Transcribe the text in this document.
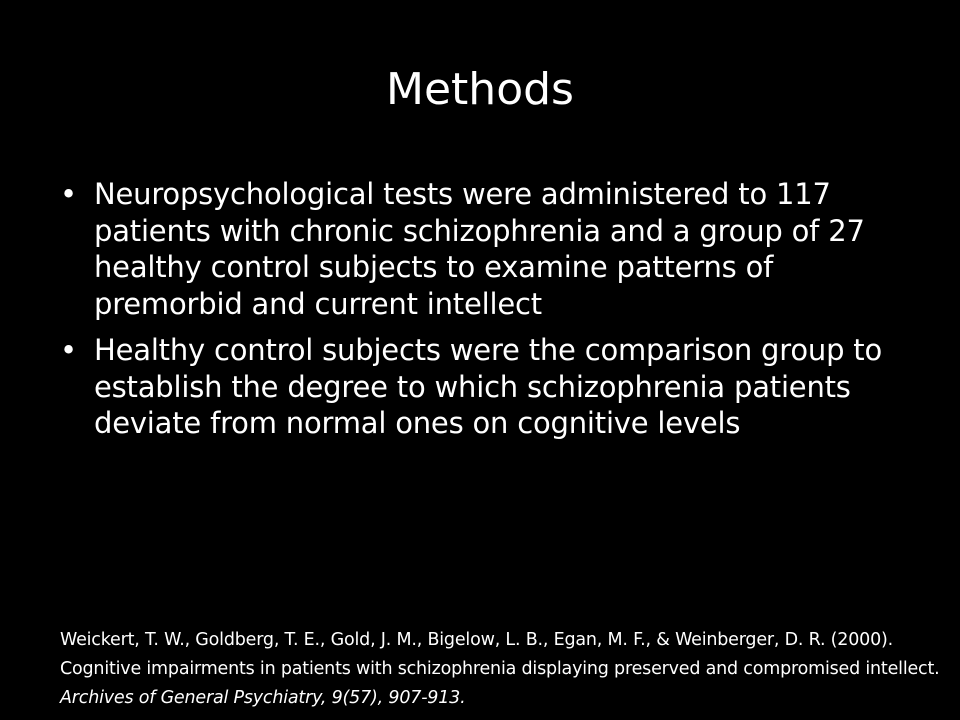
Methods
• Neuropsychological tests were administered to 117 patients with chronic schizophrenia and a group of 27 healthy control subjects to examine patterns of premorbid and current intellect
• Healthy control subjects were the comparison group to establish the degree to which schizophrenia patients deviate from normal ones on cognitive levels

Weickert, T. W., Goldberg, T. E., Gold, J. M., Bigelow, L. B., Egan, M. F., & Weinberger, D. R. (2000). Cognitive impairments in patients with schizophrenia displaying preserved and compromised intellect. Archives of General Psychiatry, 9(57), 907-913.
